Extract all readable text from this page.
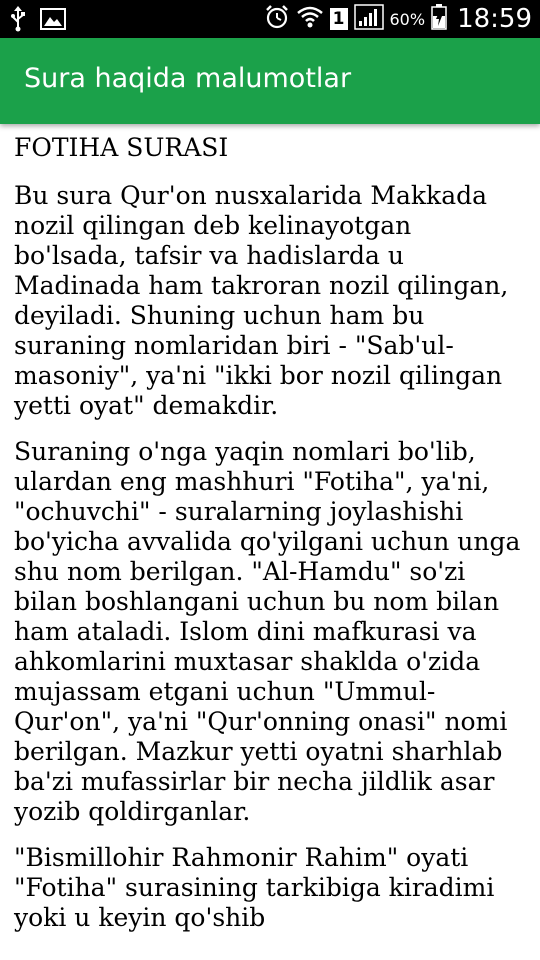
1	60% 18:59
Sura haqida malumotlar
FOTIHA SURASI

Bu sura Qur'on nusxalarida Makkada nozil qilingan deb kelinayotgan bo'lsada, tafsir va hadislarda u Madinada ham takroran nozil qilingan, deyiladi. Shuning uchun ham bu suraning nomlaridan biri - "Sab'ul-masoniy", ya'ni "ikki bor nozil qilingan yetti oyat" demakdir.

Suraning o'nga yaqin nomlari bo'lib, ulardan eng mashhuri "Fotiha", ya'ni, "ochuvchi" - suralarning joylashishi bo'yicha avvalida qo'yilgani uchun unga shu nom berilgan. "Al-Hamdu" so'zi bilan boshlangani uchun bu nom bilan ham ataladi. Islom dini mafkurasi va ahkomlarini muxtasar shakldа o'zida mujassam etgani uchun "Ummul-Qur'on", ya'ni "Qur'onning onasi" nomi berilgan. Mazkur yetti oyatni sharhlab ba'zi mufassirlar bir necha jildlik asar yozib qoldirganlar.

"Bismillohir Rahmonir Rahim" oyati "Fotiha" surasining tarkibiga kiradimi yoki u keyin qo'shib
